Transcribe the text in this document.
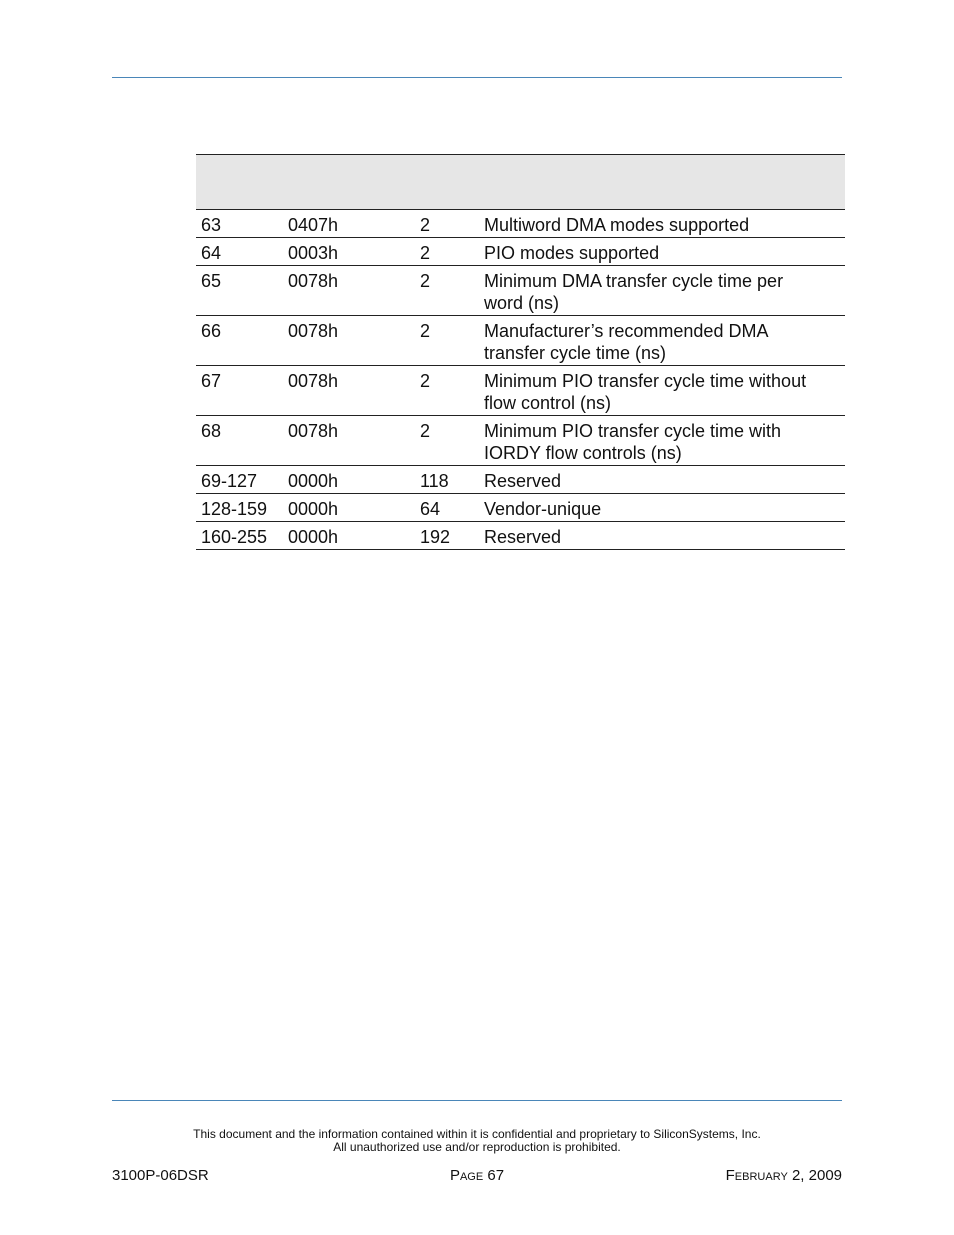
63	0407h	2	Multiword DMA modes supported

64	0003h	2	PIO modes supported

65	0078h	2	Minimum DMA transfer cycle time per
word (ns)

66	0078h	2	Manufacturer’s recommended DMA
transfer cycle time (ns)

67	0078h	2	Minimum PIO transfer cycle time without
flow control (ns)

68	0078h	2	Minimum PIO transfer cycle time with
IORDY flow controls (ns)

69-127	0000h	118	Reserved

128-159	0000h	64	Vendor-unique

160-255	0000h	192	Reserved
This document and the information contained within it is confidential and proprietary to SiliconSystems, Inc.
All unauthorized use and/or reproduction is prohibited.
3100P-06DSR	PAGE 67	FEBRUARY 2, 2009
